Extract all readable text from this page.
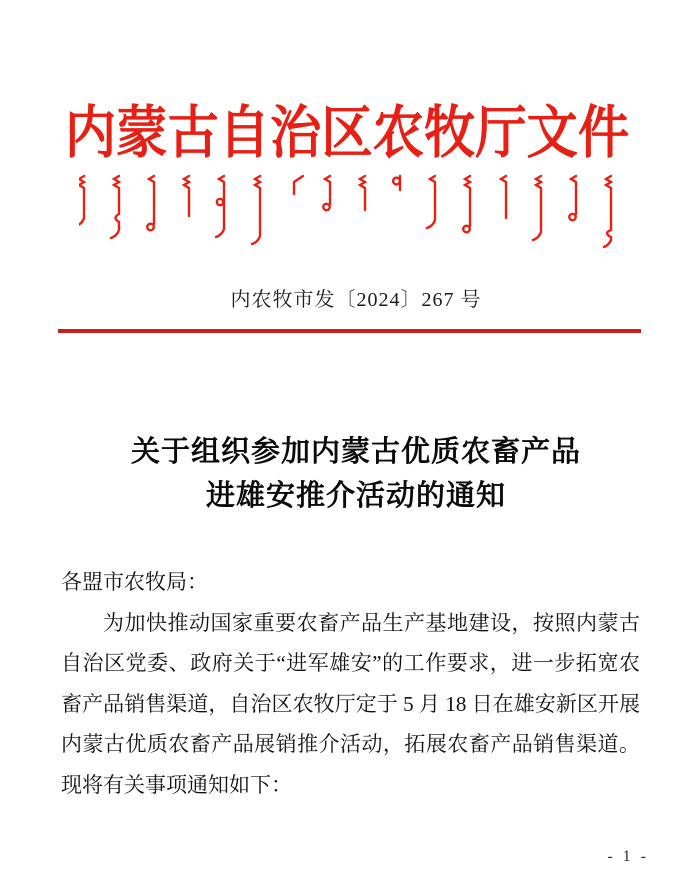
内蒙古自治区农牧厅文件
内农牧市发〔2024〕267 号
关于组织参加内蒙古优质农畜产品
进雄安推介活动的通知
各盟市农牧局：

为加快推动国家重要农畜产品生产基地建设，按照内蒙古自治区党委、政府关于“进军雄安”的工作要求，进一步拓宽农畜产品销售渠道，自治区农牧厅定于 5 月 18 日在雄安新区开展内蒙古优质农畜产品展销推介活动，拓展农畜产品销售渠道。现将有关事项通知如下：

- 1 -
